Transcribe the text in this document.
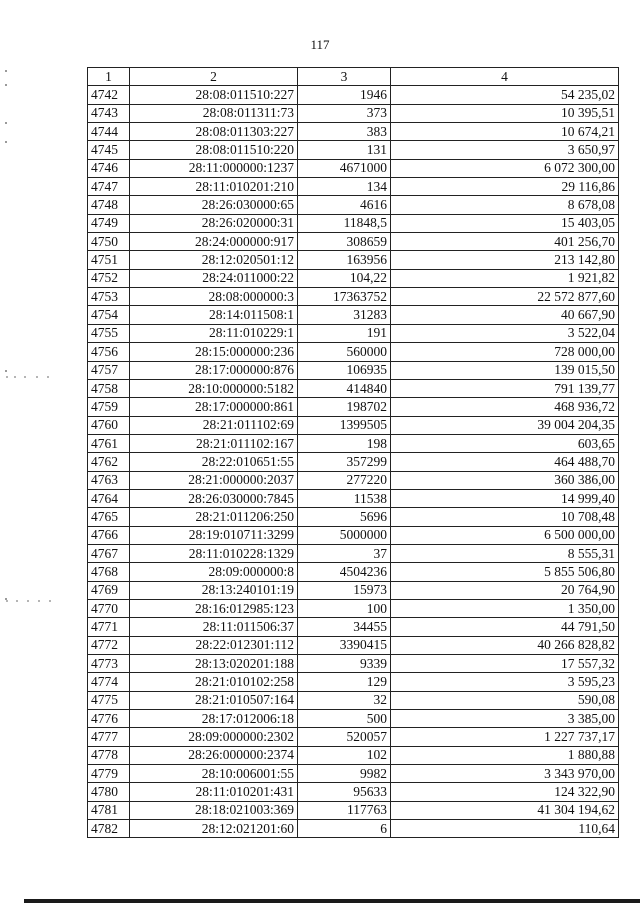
117
1	2	3	4
4742	28:08:011510:227	1946	54 235,02
4743	28:08:011311:73	373	10 395,51
4744	28:08:011303:227	383	10 674,21
4745	28:08:011510:220	131	3 650,97
4746	28:11:000000:1237	4671000	6 072 300,00
4747	28:11:010201:210	134	29 116,86
4748	28:26:030000:65	4616	8 678,08
4749	28:26:020000:31	11848,5	15 403,05
4750	28:24:000000:917	308659	401 256,70
4751	28:12:020501:12	163956	213 142,80
4752	28:24:011000:22	104,22	1 921,82
4753	28:08:000000:3	17363752	22 572 877,60
4754	28:14:011508:1	31283	40 667,90
4755	28:11:010229:1	191	3 522,04
4756	28:15:000000:236	560000	728 000,00
4757	28:17:000000:876	106935	139 015,50
4758	28:10:000000:5182	414840	791 139,77
4759	28:17:000000:861	198702	468 936,72
4760	28:21:011102:69	1399505	39 004 204,35
4761	28:21:011102:167	198	603,65
4762	28:22:010651:55	357299	464 488,70
4763	28:21:000000:2037	277220	360 386,00
4764	28:26:030000:7845	11538	14 999,40
4765	28:21:011206:250	5696	10 708,48
4766	28:19:010711:3299	5000000	6 500 000,00
4767	28:11:010228:1329	37	8 555,31
4768	28:09:000000:8	4504236	5 855 506,80
4769	28:13:240101:19	15973	20 764,90
4770	28:16:012985:123	100	1 350,00
4771	28:11:011506:37	34455	44 791,50
4772	28:22:012301:112	3390415	40 266 828,82
4773	28:13:020201:188	9339	17 557,32
4774	28:21:010102:258	129	3 595,23
4775	28:21:010507:164	32	590,08
4776	28:17:012006:18	500	3 385,00
4777	28:09:000000:2302	520057	1 227 737,17
4778	28:26:000000:2374	102	1 880,88
4779	28:10:006001:55	9982	3 343 970,00
4780	28:11:010201:431	95633	124 322,90
4781	28:18:021003:369	117763	41 304 194,62
4782	28:12:021201:60	6	110,64
